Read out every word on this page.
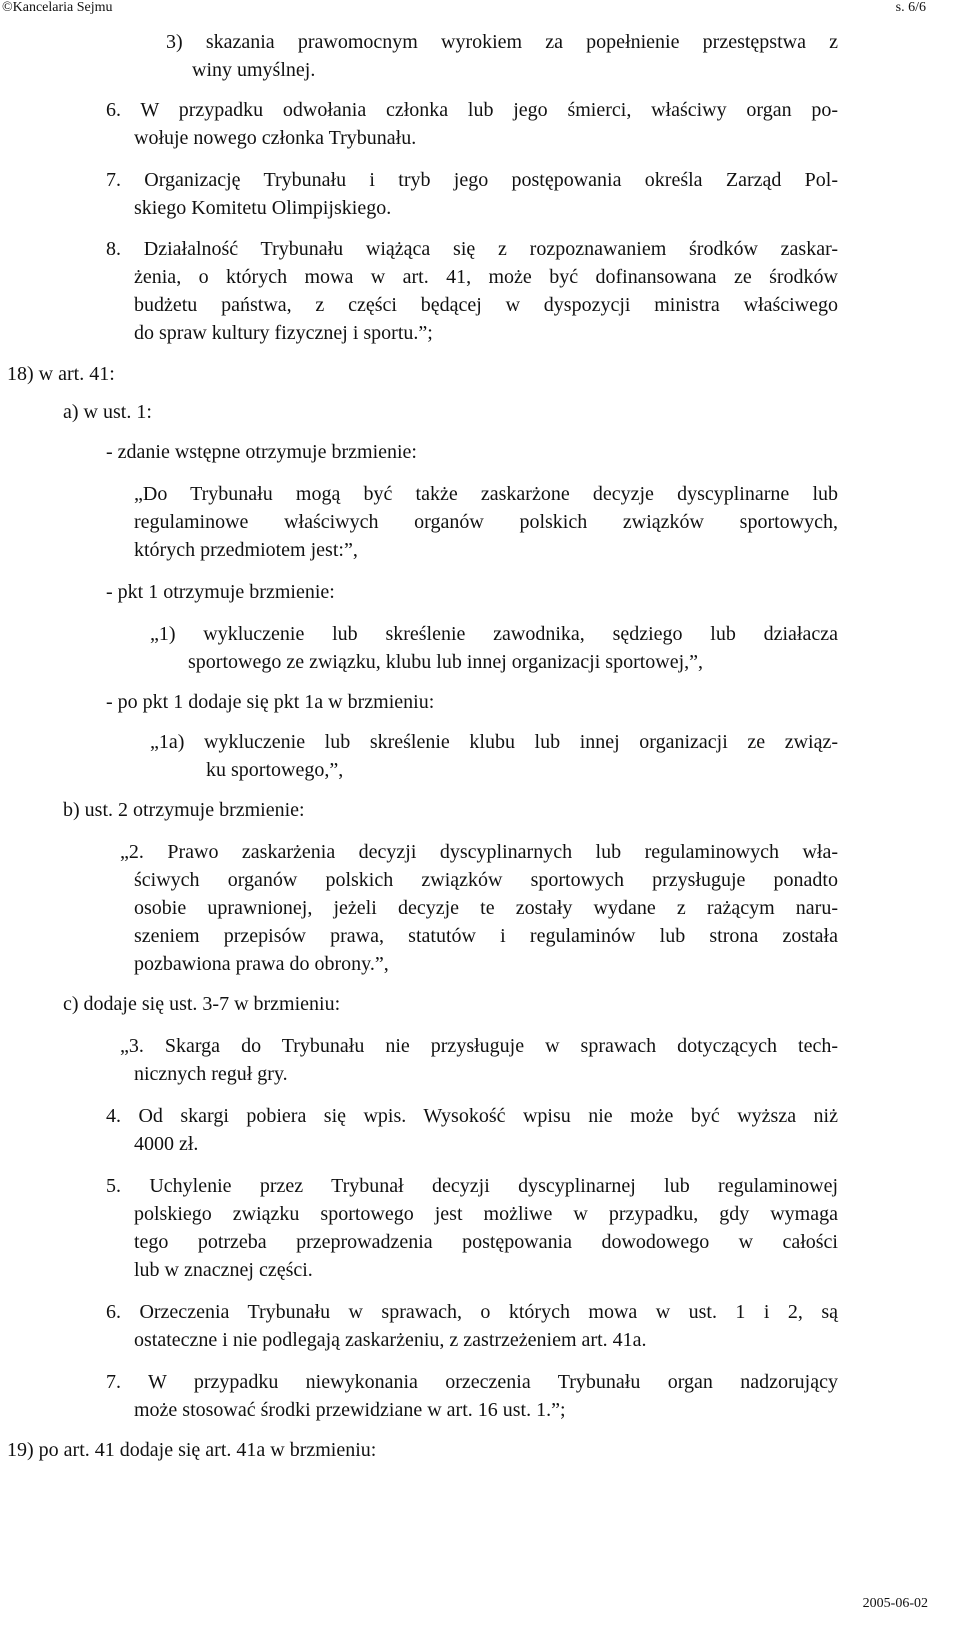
©Kancelaria Sejmu	s. 6/6
3) skazania prawomocnym wyrokiem za popełnienie przestępstwa z
winy umyślnej.
6. W przypadku odwołania członka lub jego śmierci, właściwy organ po-
wołuje nowego członka Trybunału.
7. Organizację Trybunału i tryb jego postępowania określa Zarząd Pol-
skiego Komitetu Olimpijskiego.
8. Działalność Trybunału wiążąca się z rozpoznawaniem środków zaskar-
żenia, o których mowa w art. 41, może być dofinansowana ze środków
budżetu państwa, z części będącej w dyspozycji ministra właściwego
do spraw kultury fizycznej i sportu.”;
18) w art. 41:
a) w ust. 1:
- zdanie wstępne otrzymuje brzmienie:
„Do Trybunału mogą być także zaskarżone decyzje dyscyplinarne lub
regulaminowe właściwych organów polskich związków sportowych,
których przedmiotem jest:”,
- pkt 1 otrzymuje brzmienie:
„1) wykluczenie lub skreślenie zawodnika, sędziego lub działacza
sportowego ze związku, klubu lub innej organizacji sportowej,”,
- po pkt 1 dodaje się pkt 1a w brzmieniu:
„1a) wykluczenie lub skreślenie klubu lub innej organizacji ze związ-
ku sportowego,”,
b) ust. 2 otrzymuje brzmienie:
„2. Prawo zaskarżenia decyzji dyscyplinarnych lub regulaminowych wła-
ściwych organów polskich związków sportowych przysługuje ponadto
osobie uprawnionej, jeżeli decyzje te zostały wydane z rażącym naru-
szeniem przepisów prawa, statutów i regulaminów lub strona została
pozbawiona prawa do obrony.”,
c) dodaje się ust. 3-7 w brzmieniu:
„3. Skarga do Trybunału nie przysługuje w sprawach dotyczących tech-
nicznych reguł gry.
4. Od skargi pobiera się wpis. Wysokość wpisu nie może być wyższa niż
4000 zł.
5. Uchylenie przez Trybunał decyzji dyscyplinarnej lub regulaminowej
polskiego związku sportowego jest możliwe w przypadku, gdy wymaga
tego potrzeba przeprowadzenia postępowania dowodowego w całości
lub w znacznej części.
6. Orzeczenia Trybunału w sprawach, o których mowa w ust. 1 i 2, są
ostateczne i nie podlegają zaskarżeniu, z zastrzeżeniem art. 41a.
7. W przypadku niewykonania orzeczenia Trybunału organ nadzorujący
może stosować środki przewidziane w art. 16 ust. 1.”;
19) po art. 41 dodaje się art. 41a w brzmieniu:
2005-06-02
